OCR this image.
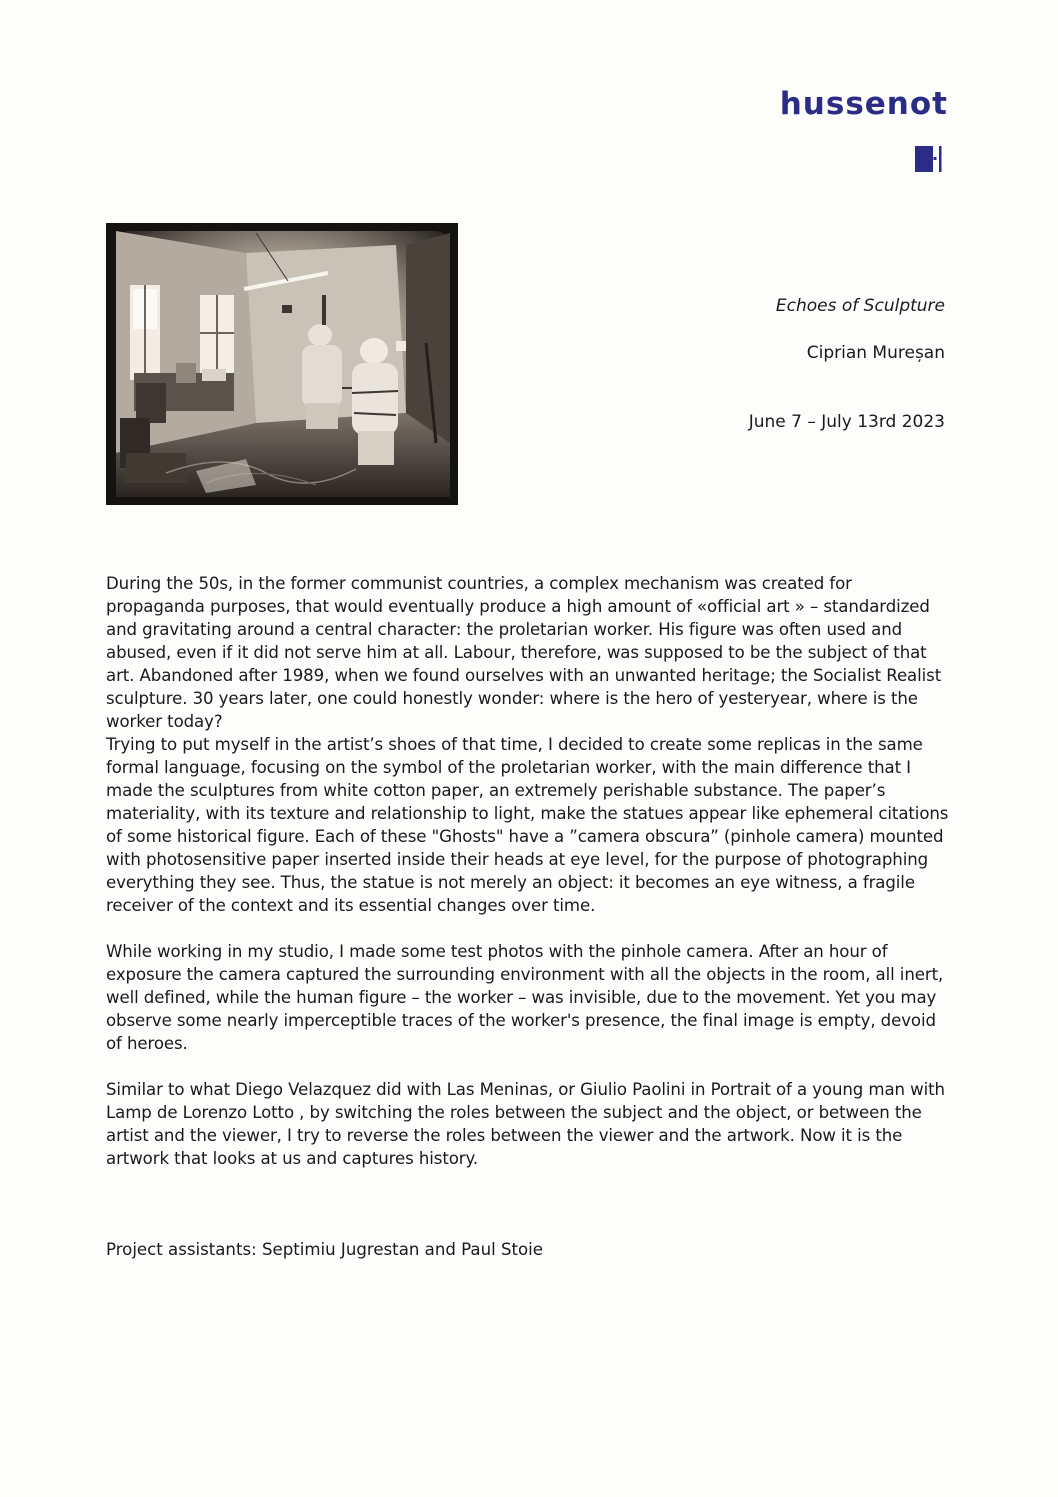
hussenot
Echoes of Sculpture
Ciprian Mureșan
June 7 – July 13rd 2023

During the 50s, in the former communist countries, a complex mechanism was created for propaganda purposes, that would eventually produce a high amount of «official art » – standardized and gravitating around a central character: the proletarian worker. His figure was often used and abused, even if it did not serve him at all. Labour, therefore, was supposed to be the subject of that art. Abandoned after 1989, when we found ourselves with an unwanted heritage; the Socialist Realist sculpture. 30 years later, one could honestly wonder: where is the hero of yesteryear, where is the worker today?

Trying to put myself in the artist’s shoes of that time, I decided to create some replicas in the same formal language, focusing on the symbol of the proletarian worker, with the main difference that I made the sculptures from white cotton paper, an extremely perishable substance. The paper’s materiality, with its texture and relationship to light, make the statues appear like ephemeral citations of some historical figure. Each of these "Ghosts" have a ”camera obscura” (pinhole camera) mounted with photosensitive paper inserted inside their heads at eye level, for the purpose of photographing everything they see. Thus, the statue is not merely an object: it becomes an eye witness, a fragile receiver of the context and its essential changes over time.

While working in my studio, I made some test photos with the pinhole camera. After an hour of exposure the camera captured the surrounding environment with all the objects in the room, all inert, well defined, while the human figure – the worker – was invisible, due to the movement. Yet you may observe some nearly imperceptible traces of the worker's presence, the final image is empty, devoid of heroes.

Similar to what Diego Velazquez did with Las Meninas, or Giulio Paolini in Portrait of a young man with Lamp de Lorenzo Lotto , by switching the roles between the subject and the object, or between the artist and the viewer, I try to reverse the roles between the viewer and the artwork. Now it is the artwork that looks at us and captures history.

Project assistants: Septimiu Jugrestan and Paul Stoie
